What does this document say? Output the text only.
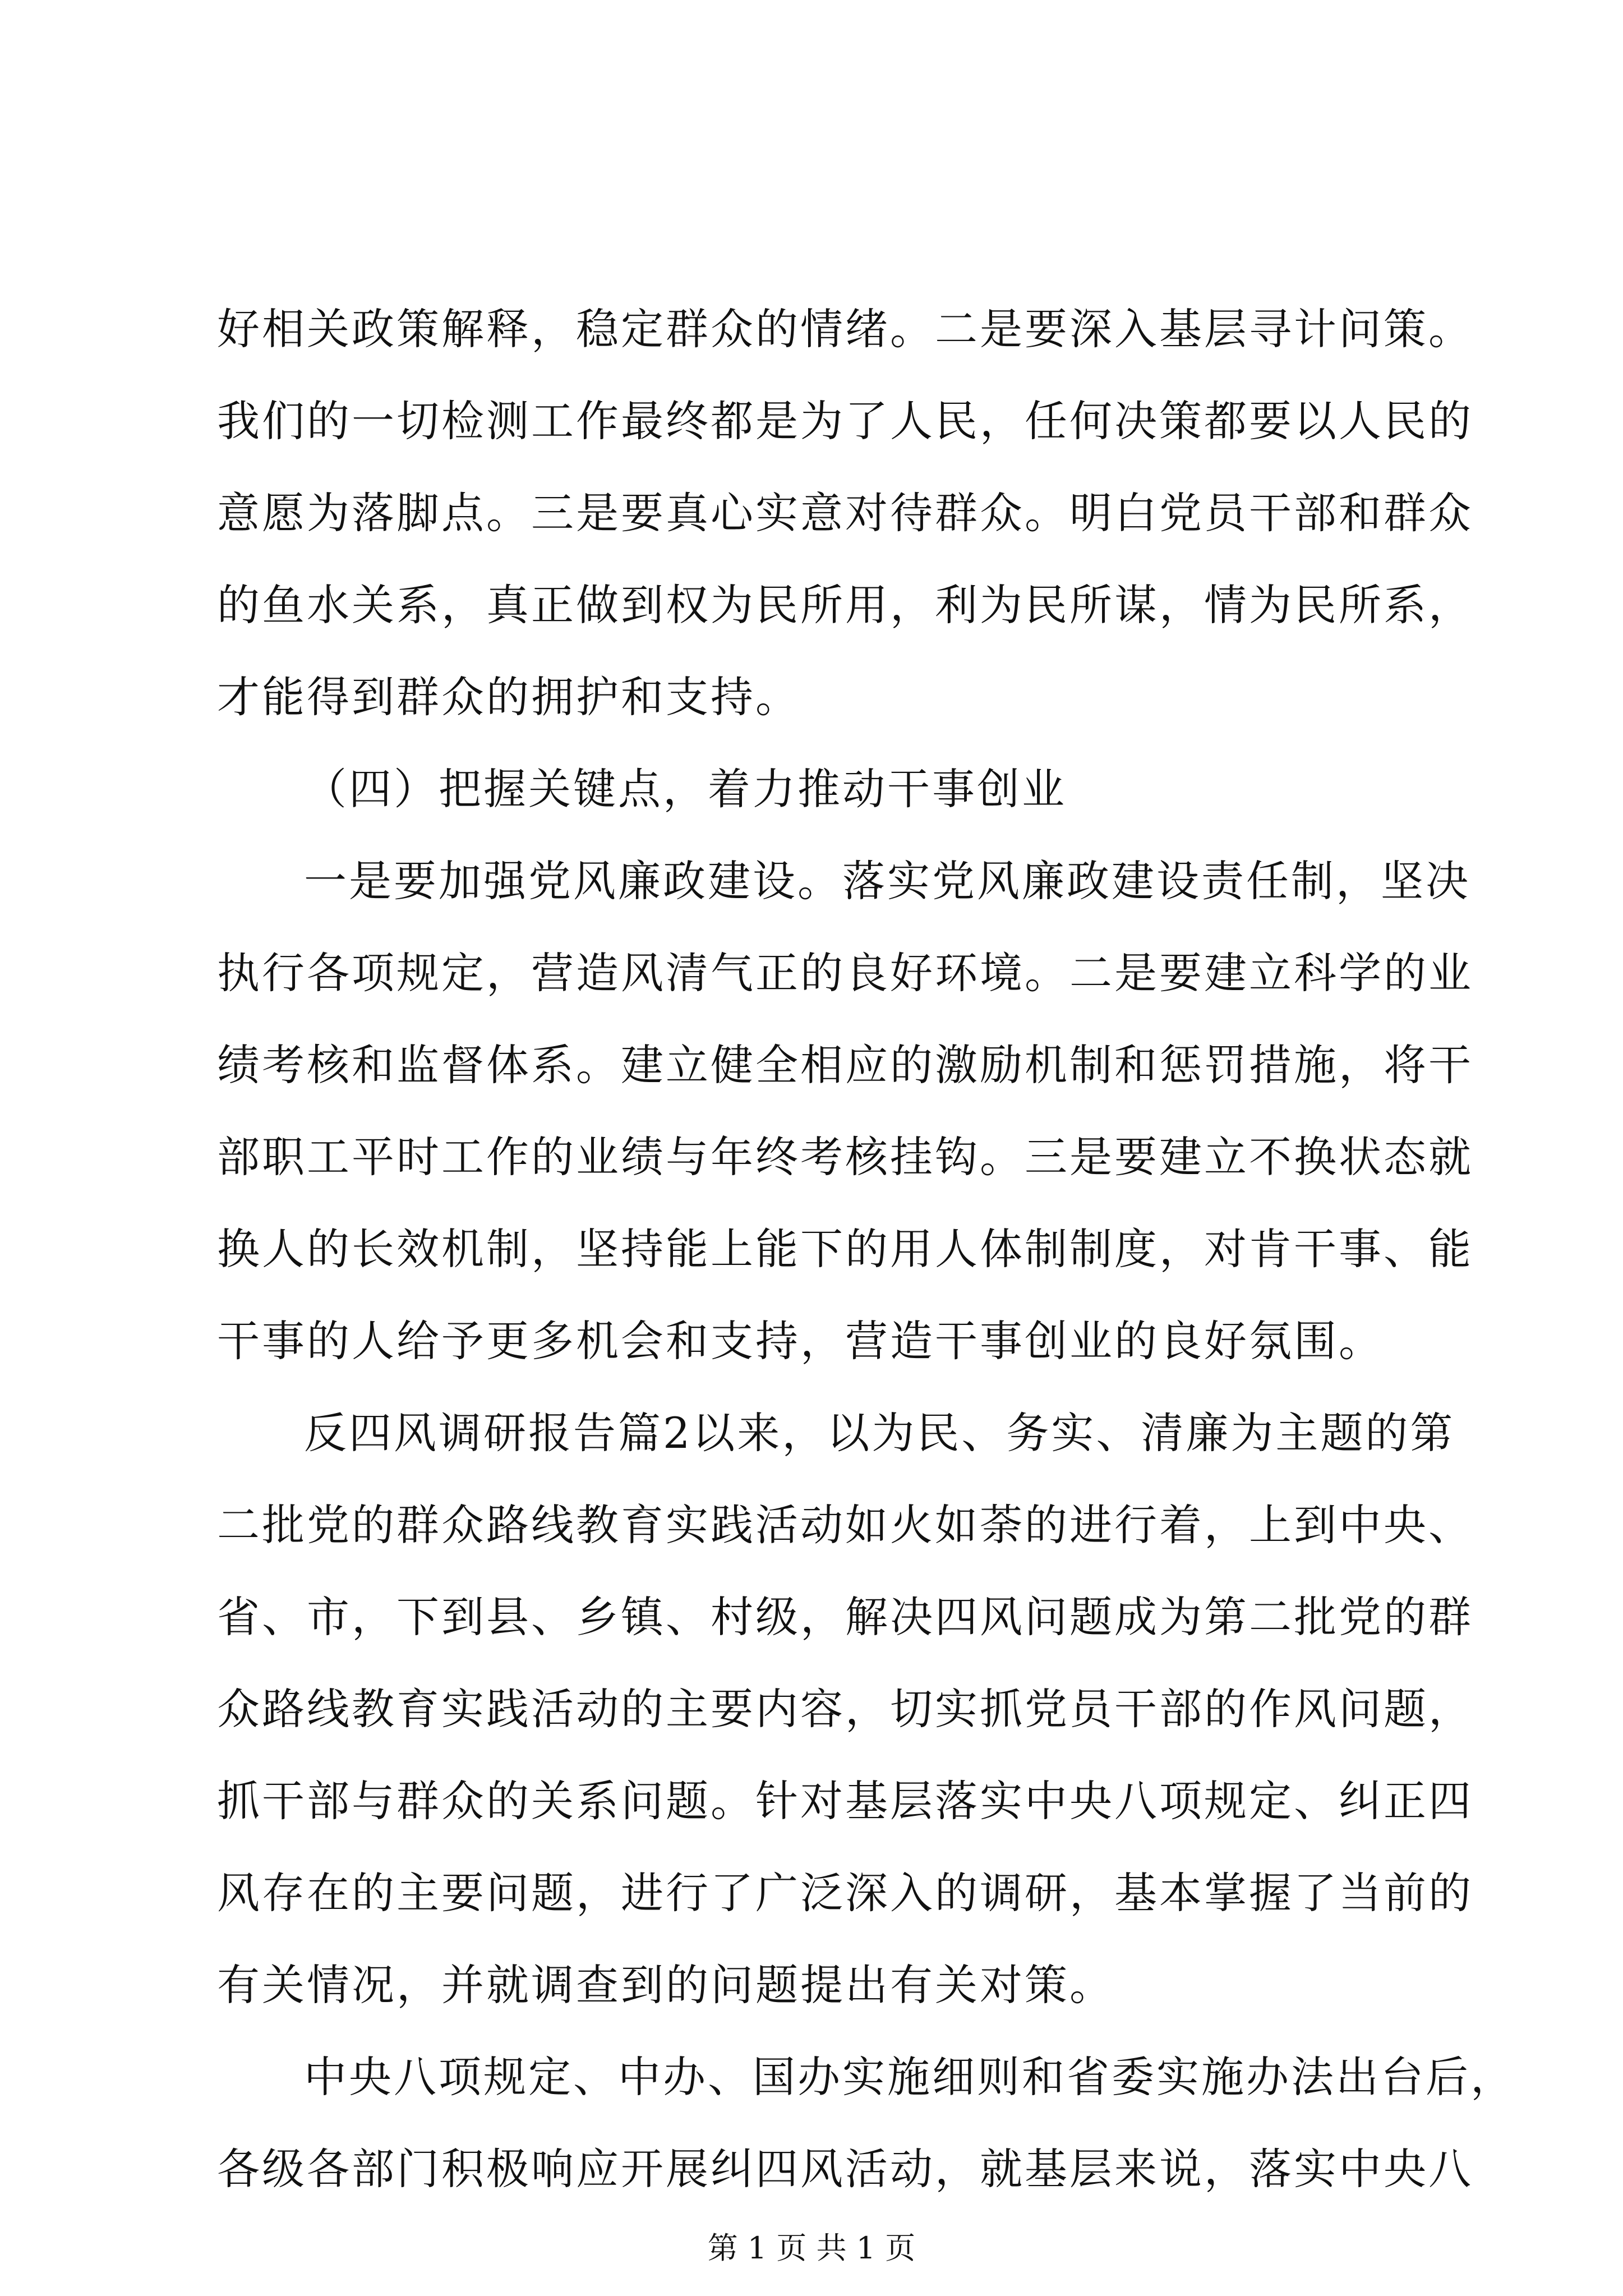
好相关政策解释，稳定群众的情绪。二是要深入基层寻计问策。
我们的一切检测工作最终都是为了人民，任何决策都要以人民的
意愿为落脚点。三是要真心实意对待群众。明白党员干部和群众
的鱼水关系，真正做到权为民所用，利为民所谋，情为民所系，
才能得到群众的拥护和支持。
（四）把握关键点，着力推动干事创业
一是要加强党风廉政建设。落实党风廉政建设责任制，坚决
执行各项规定，营造风清气正的良好环境。二是要建立科学的业
绩考核和监督体系。建立健全相应的激励机制和惩罚措施，将干
部职工平时工作的业绩与年终考核挂钩。三是要建立不换状态就
换人的长效机制，坚持能上能下的用人体制制度，对肯干事、能
干事的人给予更多机会和支持，营造干事创业的良好氛围。
反四风调研报告篇2以来，以为民、务实、清廉为主题的第
二批党的群众路线教育实践活动如火如荼的进行着，上到中央、
省、市，下到县、乡镇、村级，解决四风问题成为第二批党的群
众路线教育实践活动的主要内容，切实抓党员干部的作风问题，
抓干部与群众的关系问题。针对基层落实中央八项规定、纠正四
风存在的主要问题，进行了广泛深入的调研，基本掌握了当前的
有关情况，并就调查到的问题提出有关对策。
中央八项规定、中办、国办实施细则和省委实施办法出台后，
各级各部门积极响应开展纠四风活动，就基层来说，落实中央八
第 1 页 共 1 页
